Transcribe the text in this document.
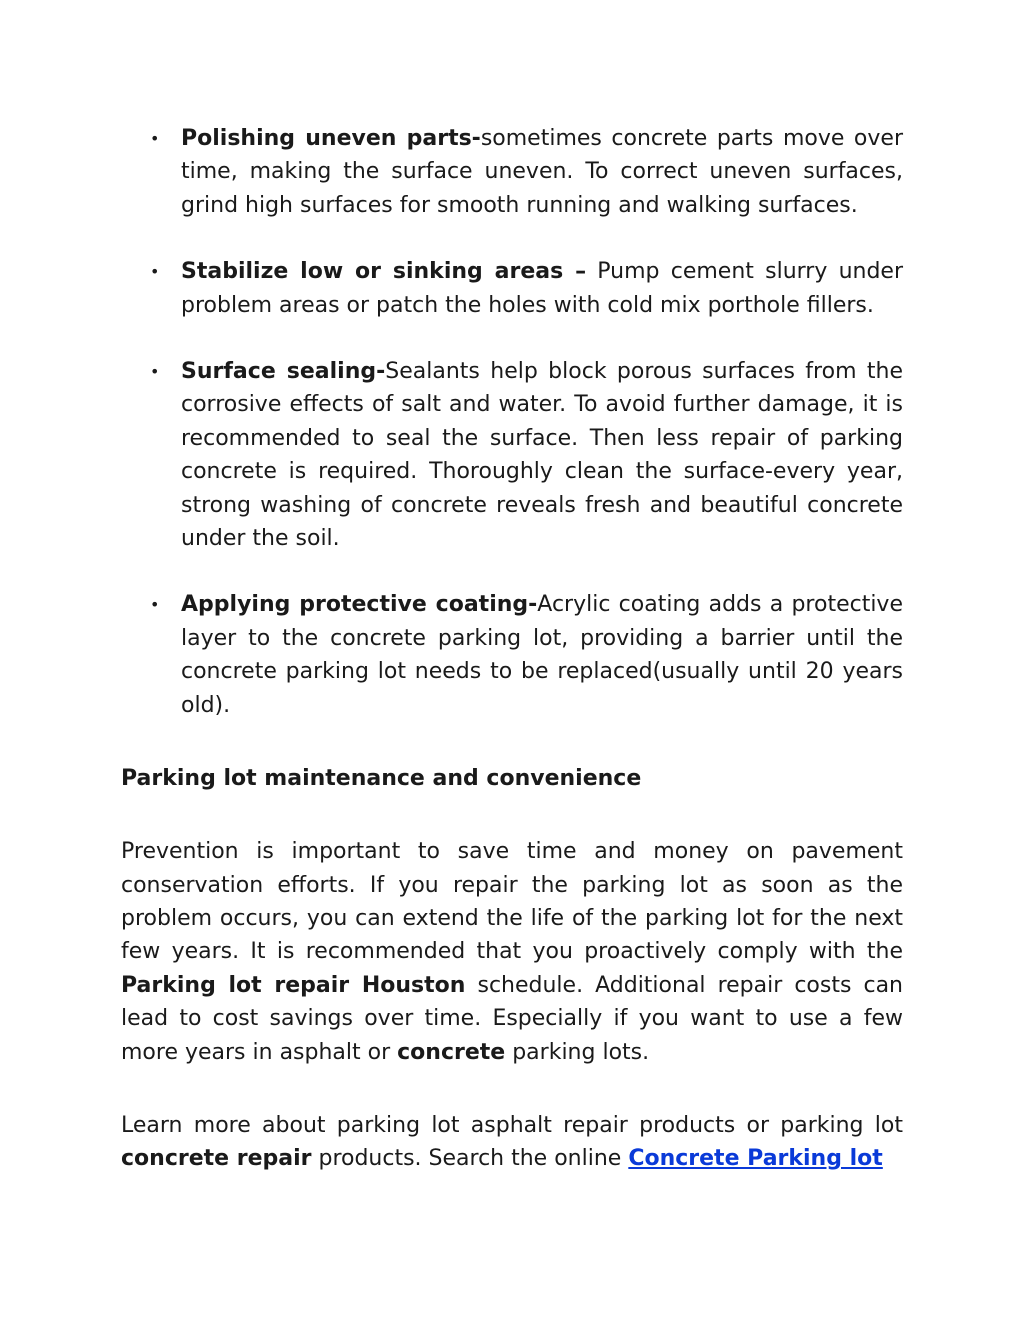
• Polishing uneven parts-sometimes concrete parts move over time, making the surface uneven. To correct uneven surfaces, grind high surfaces for smooth running and walking surfaces.
• Stabilize low or sinking areas – Pump cement slurry under problem areas or patch the holes with cold mix porthole fillers.
• Surface sealing-Sealants help block porous surfaces from the corrosive effects of salt and water. To avoid further damage, it is recommended to seal the surface. Then less repair of parking concrete is required. Thoroughly clean the surface-every year, strong washing of concrete reveals fresh and beautiful concrete under the soil.
• Applying protective coating-Acrylic coating adds a protective layer to the concrete parking lot, providing a barrier until the concrete parking lot needs to be replaced(usually until 20 years old).
Parking lot maintenance and convenience

Prevention is important to save time and money on pavement conservation efforts. If you repair the parking lot as soon as the problem occurs, you can extend the life of the parking lot for the next few years. It is recommended that you proactively comply with the Parking lot repair Houston schedule. Additional repair costs can lead to cost savings over time. Especially if you want to use a few more years in asphalt or concrete parking lots.

Learn more about parking lot asphalt repair products or parking lot concrete repair products. Search the online Concrete Parking lot
